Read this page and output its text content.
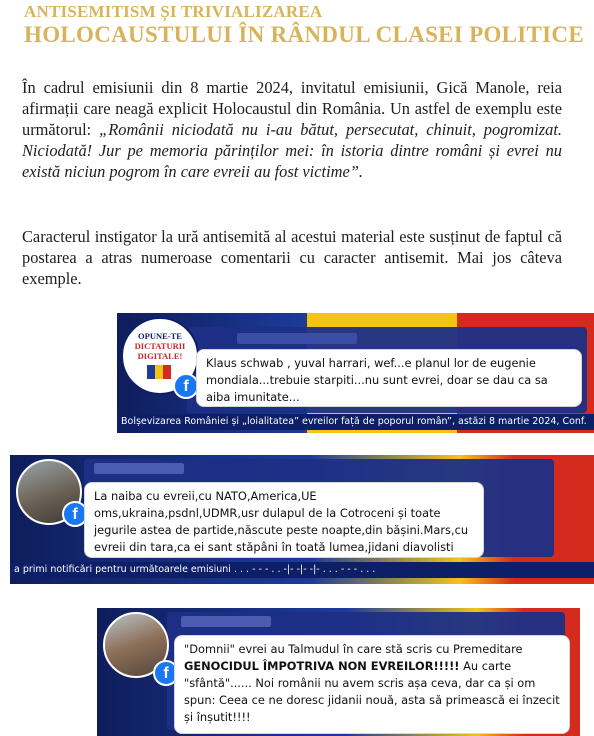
ANTISEMITISM ȘI TRIVIALIZAREA
HOLOCAUSTULUI ÎN RÂNDUL CLASEI POLITICE
În cadrul emisiunii din 8 martie 2024, invitatul emisiunii, Gică Manole, reia afirmații care neagă explicit Holocaustul din România. Un astfel de exemplu este următorul: „Românii niciodată nu i-au bătut, persecutat, chinuit, pogromizat. Niciodată! Jur pe memoria părinților mei: în istoria dintre români și evrei nu există niciun pogrom în care evreii au fost victime”.
Caracterul instigator la ură antisemită al acestui material este susținut de faptul că postarea a atras numeroase comentarii cu caracter antisemit. Mai jos câteva exemple.
OPUNE-TE
DICTATURII
DIGITALE!
f
Klaus schwab , yuval harrari, wef...e planul lor de eugenie mondiala...trebuie starpiti...nu sunt evrei, doar se dau ca sa aiba imunitate...
Bolșevizarea României și „loialitatea” evreilor față de poporul român”, astăzi 8 martie 2024, Conf.
f
La naiba cu evreii,cu NATO,America,UE oms,ukraina,psdnl,UDMR,usr dulapul de la Cotroceni și toate jegurile astea de partide,născute peste noapte,din bășini.Mars,cu evreii din tara,ca ei sant stăpâni în toată lumea,jidani diavolisti
a primi notificări pentru următoarele emisiuni . . . - - - . . -|- -|- -|- . . . - - - . . .
f
"Domnii" evrei au Talmudul în care stă scris cu Premeditare GENOCIDUL ÎMPOTRIVA NON EVREILOR!!!!! Au carte "sfântă"...... Noi românii nu avem scris așa ceva, dar ca și om spun: Ceea ce ne doresc jidanii nouă, asta să primească ei înzecit și înșutit!!!!
